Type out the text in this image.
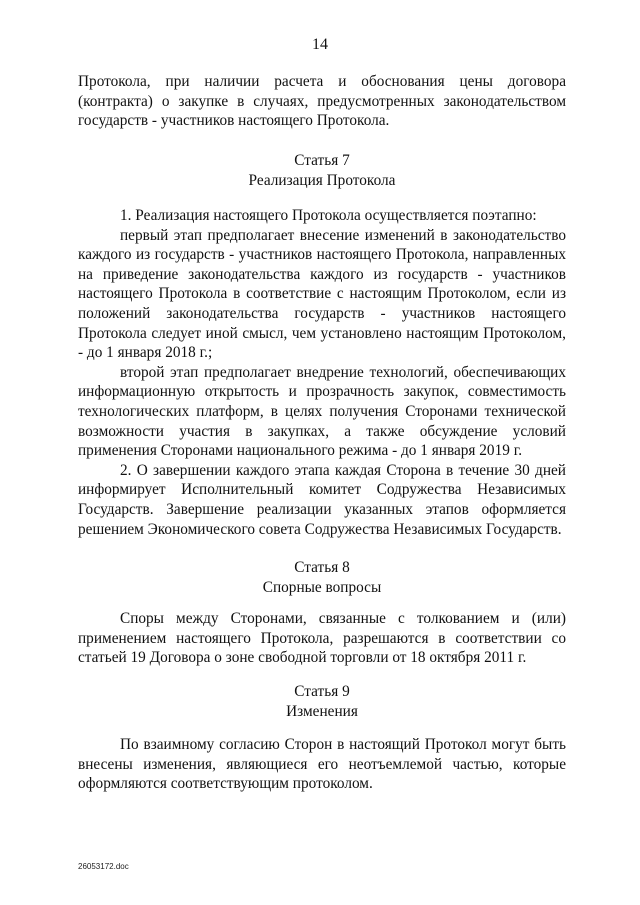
14

Протокола, при наличии расчета и обоснования цены договора (контракта) о закупке в случаях, предусмотренных законодательством государств - участников настоящего Протокола.

Статья 7

Реализация Протокола

1. Реализация настоящего Протокола осуществляется поэтапно:

первый этап предполагает внесение изменений в законодательство каждого из государств - участников настоящего Протокола, направленных на приведение законодательства каждого из государств - участников настоящего Протокола в соответствие с настоящим Протоколом, если из положений законодательства государств - участников настоящего Протокола следует иной смысл, чем установлено настоящим Протоколом, - до 1 января 2018 г.;

второй этап предполагает внедрение технологий, обеспечивающих информационную открытость и прозрачность закупок, совместимость технологических платформ, в целях получения Сторонами технической возможности участия в закупках, а также обсуждение условий применения Сторонами национального режима - до 1 января 2019 г.

2. О завершении каждого этапа каждая Сторона в течение 30 дней информирует Исполнительный комитет Содружества Независимых Государств. Завершение реализации указанных этапов оформляется решением Экономического совета Содружества Независимых Государств.

Статья 8

Спорные вопросы

Споры между Сторонами, связанные с толкованием и (или) применением настоящего Протокола, разрешаются в соответствии со статьей 19 Договора о зоне свободной торговли от 18 октября 2011 г.

Статья 9

Изменения

По взаимному согласию Сторон в настоящий Протокол могут быть внесены изменения, являющиеся его неотъемлемой частью, которые оформляются соответствующим протоколом.

26053172.doc
